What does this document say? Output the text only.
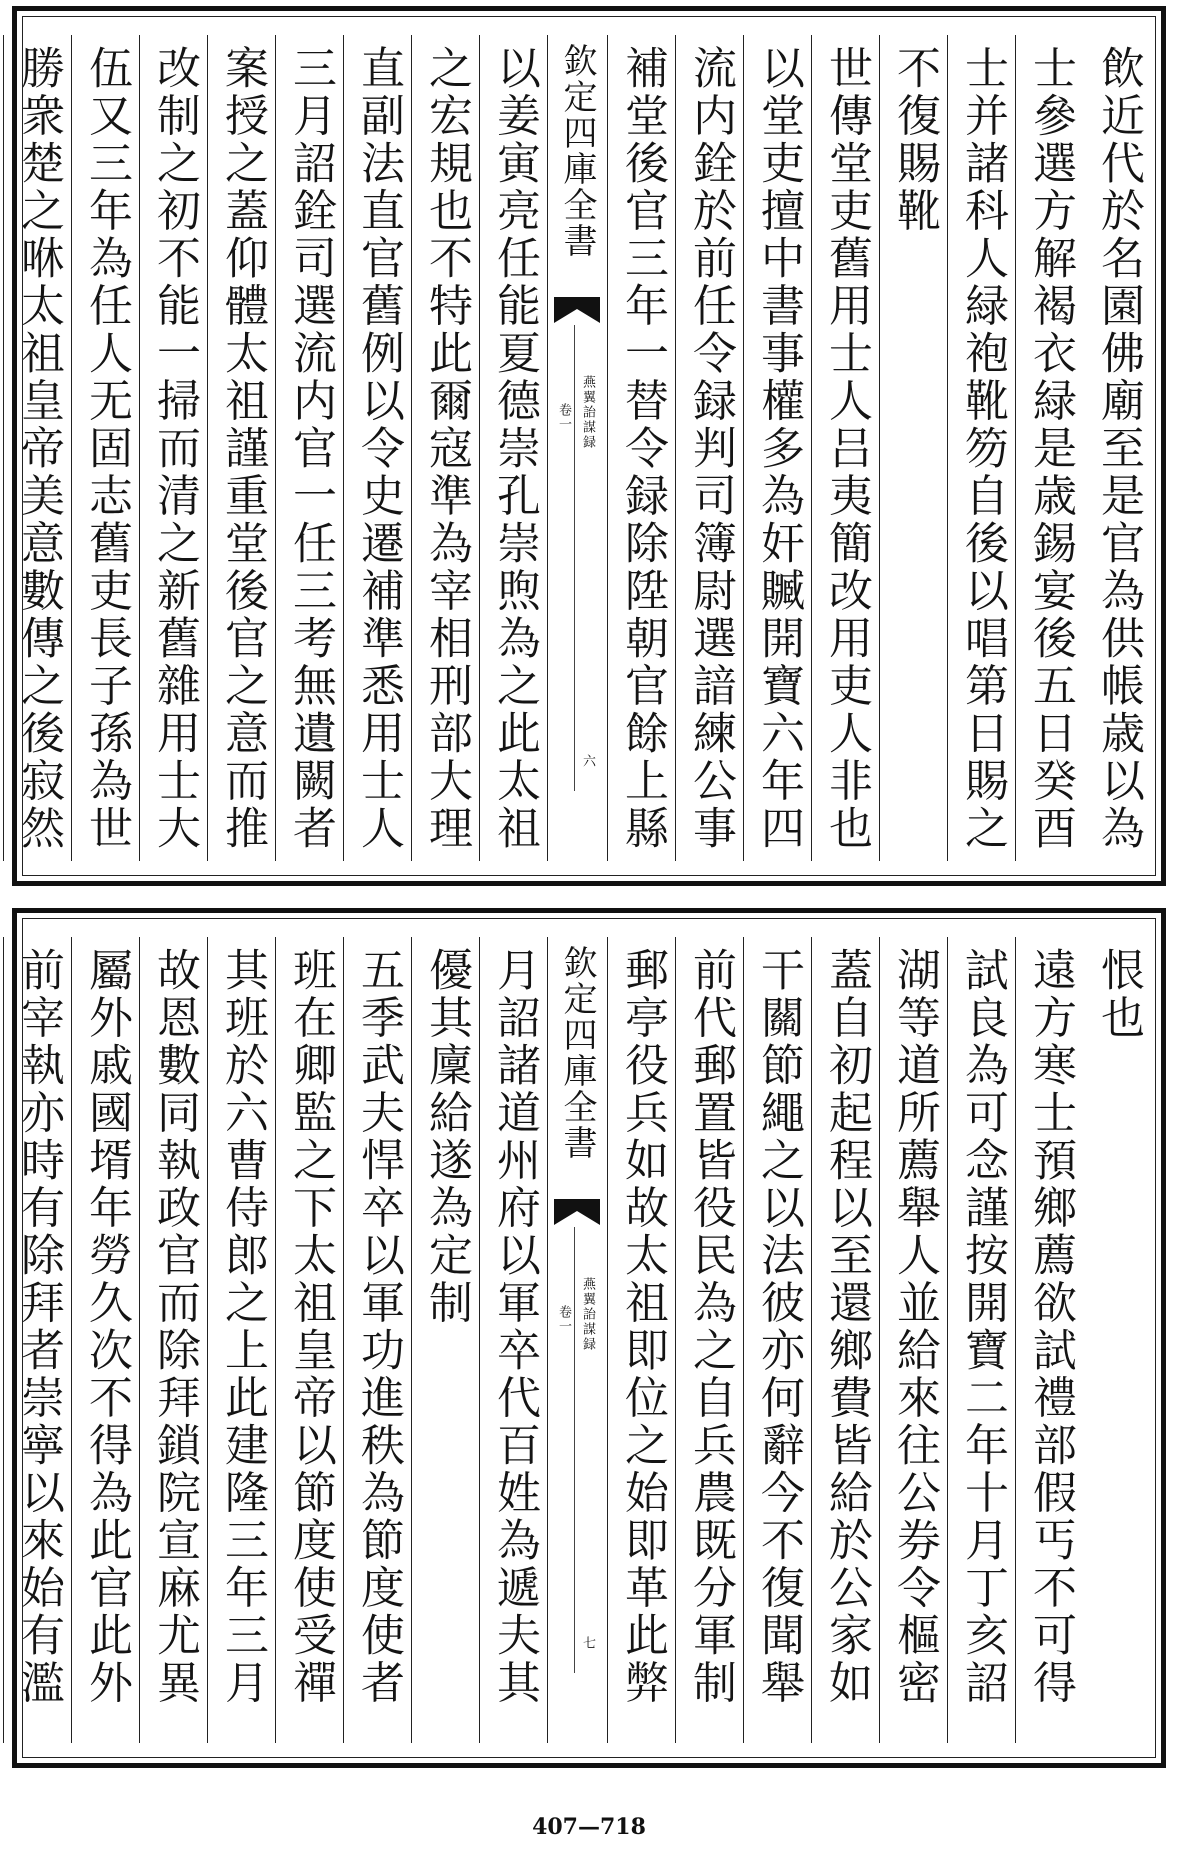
飲近代於名園佛廟至是官為供帳歳以為
士參選方解褐衣緑是歳錫宴後五日癸酉
士并諸科人緑袍靴笏自後以唱第日賜之
不復賜靴
世傳堂吏舊用士人吕夷簡改用吏人非也
以堂吏擅中書事權多為奸贓開寶六年四
流内銓於前任令録判司簿尉選諳練公事
補堂後官三年一替令録除陞朝官餘上縣
欽定四庫全書
卷一 燕翼詒謀録
六
以姜寅亮任能夏德崇孔崇煦為之此太祖
之宏規也不特此爾寇準為宰相刑部大理
直副法直官舊例以令史遷補準悉用士人
三月詔銓司選流内官一任三考無遺闕者
案授之蓋仰體太祖謹重堂後官之意而推
改制之初不能一掃而清之新舊雜用士大
伍又三年為任人无固志舊吏長子孫為世
勝衆楚之咻太祖皇帝美意數傳之後寂然
恨也
遠方寒士預鄉薦欲試禮部假丐不可得
試良為可念謹按開寶二年十月丁亥詔
湖等道所薦舉人並給來往公券令樞密
蓋自初起程以至還鄉費皆給於公家如
干關節繩之以法彼亦何辭今不復聞舉
前代郵置皆役民為之自兵農既分軍制
郵亭役兵如故太祖即位之始即革此弊
欽定四庫全書
卷一 燕翼詒謀録
七
月詔諸道州府以軍卒代百姓為遞夫其
優其廩給遂為定制
五季武夫悍卒以軍功進秩為節度使者
班在卿監之下太祖皇帝以節度使受禪
其班於六曹侍郎之上此建隆三年三月
故恩數同執政官而除拜鎖院宣麻尤異
屬外戚國壻年勞久次不得為此官此外
前宰執亦時有除拜者崇寧以來始有濫
407—718
